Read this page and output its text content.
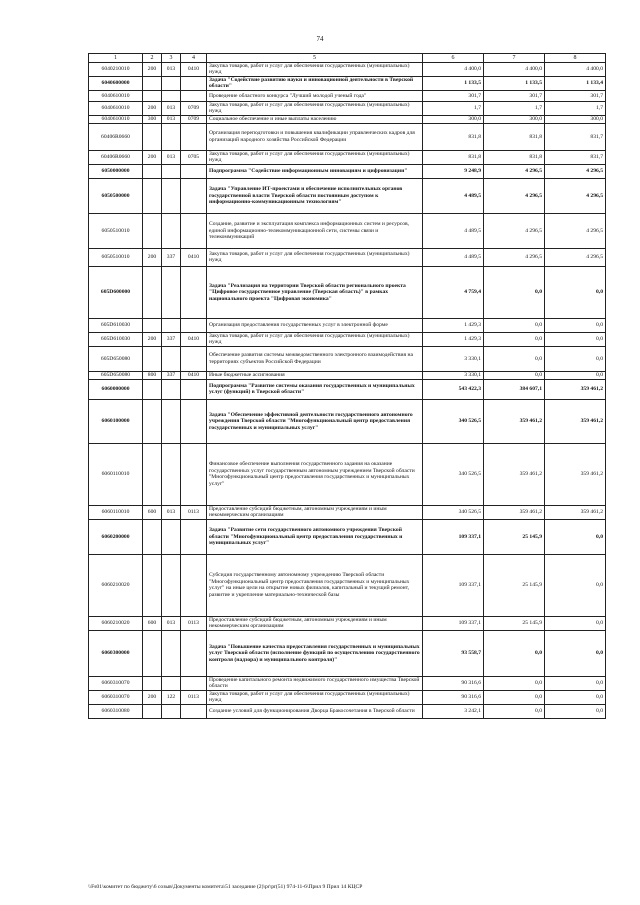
74
1	2	3	4	5	6	7	8
6040210010	200	013	0410	Закупка товаров, работ и услуг для обеспечения государственных (муниципальных) нужд	4 400,0	4 400,0	4 400,0
6040600000				Задача "Содействие развитию науки и инновационной деятельности в Тверской области"	1 133,5	1 133,5	1 133,4
6040610010				Проведение областного конкурса "Лучший молодой ученый года"	301,7	301,7	301,7
6040610010	200	013	0709	Закупка товаров, работ и услуг для обеспечения государственных (муниципальных) нужд	1,7	1,7	1,7
6040610010	300	013	0709	Социальное обеспечение и иные выплаты населению	300,0	300,0	300,0
60406R0660				Организация переподготовки и повышения квалификации управленческих кадров для организаций народного хозяйства Российской Федерации	831,8	831,8	831,7
60406R0660	200	013	0705	Закупка товаров, работ и услуг для обеспечения государственных (муниципальных) нужд	831,8	831,8	831,7
6050000000				Подпрограмма "Содействие информационным инновациям и цифровизации"	9 248,9	4 296,5	4 296,5
6050500000				Задача "Управление ИТ-проектами и обеспечение исполнительных органов государственной власти Тверской области постоянным доступом к информационно-коммуникационным технологиям"	4 489,5	4 296,5	4 296,5
6050510010				Создание, развитие и эксплуатация комплекса информационных систем и ресурсов, единой информационно-телекоммуникационной сети, системы связи и телекоммуникаций	4 489,5	4 296,5	4 296,5
6050510010	200	337	0410	Закупка товаров, работ и услуг для обеспечения государственных (муниципальных) нужд	4 489,5	4 296,5	4 296,5
605D600000				Задача "Реализация на территории Тверской области регионального проекта "Цифровое государственное управление (Тверская область)" в рамках национального проекта "Цифровая экономика"	4 759,4	0,0	0,0
605D610030				Организация предоставления государственных услуг в электронной форме	1 429,3	0,0	0,0
605D610030	200	337	0410	Закупка товаров, работ и услуг для обеспечения государственных (муниципальных) нужд	1 429,3	0,0	0,0
605D650080				Обеспечение развития системы межведомственного электронного взаимодействия на территориях субъектов Российской Федерации	3 330,1	0,0	0,0
605D650080	800	337	0410	Иные бюджетные ассигнования	3 330,1	0,0	0,0
6060000000				Подпрограмма "Развитие системы оказания государственных и муниципальных услуг (функций) в Тверской области"	543 422,3	384 607,1	359 461,2
6060100000				Задача "Обеспечение эффективной деятельности государственного автономного учреждения Тверской области "Многофункциональный центр предоставления государственных и муниципальных услуг"	340 526,5	359 461,2	359 461,2
6060110010				Финансовое обеспечение выполнения государственного задания на оказание государственных услуг государственным автономным учреждением Тверской области "Многофункциональный центр предоставления государственных и муниципальных услуг"	340 526,5	359 461,2	359 461,2
6060110010	600	013	0113	Предоставление субсидий бюджетным, автономным учреждениям и иным некоммерческим организациям	340 526,5	359 461,2	359 461,2
6060200000				Задача "Развитие сети государственного автономного учреждения Тверской области "Многофункциональный центр предоставления государственных и муниципальных услуг"	109 337,1	25 145,9	0,0
6060210020				Субсидия государственному автономному учреждению Тверской области "Многофункциональный центр предоставления государственных и муниципальных услуг" на иные цели на открытие новых филиалов, капитальный и текущий ремонт, развитие и укрепление материально-технической базы	109 337,1	25 145,9	0,0
6060210020	600	013	0113	Предоставление субсидий бюджетным, автономным учреждениям и иным некоммерческим организациям	109 337,1	25 145,9	0,0
6060300000				Задача "Повышение качества предоставления государственных и муниципальных услуг Тверской области (исполнение функций по осуществлению государственного контроля (надзора) и муниципального контроля)"	93 558,7	0,0	0,0
6060310070				Проведение капитального ремонта недвижимого государственного имущества Тверской области	90 316,6	0,0	0,0
6060310070	200	122	0113	Закупка товаров, работ и услуг для обеспечения государственных (муниципальных) нужд	90 316,6	0,0	0,0
6060310080				Создание условий для функционирования Дворца Бракосочетания в Тверской области	3 242,1	0,0	0,0
\\Fs01\комитет по бюджету\6 созыв\Документы комитета\51 заседание (2)\pr\pr(51) 974-11-6\Прил 9 Прил 14 КЦСР
